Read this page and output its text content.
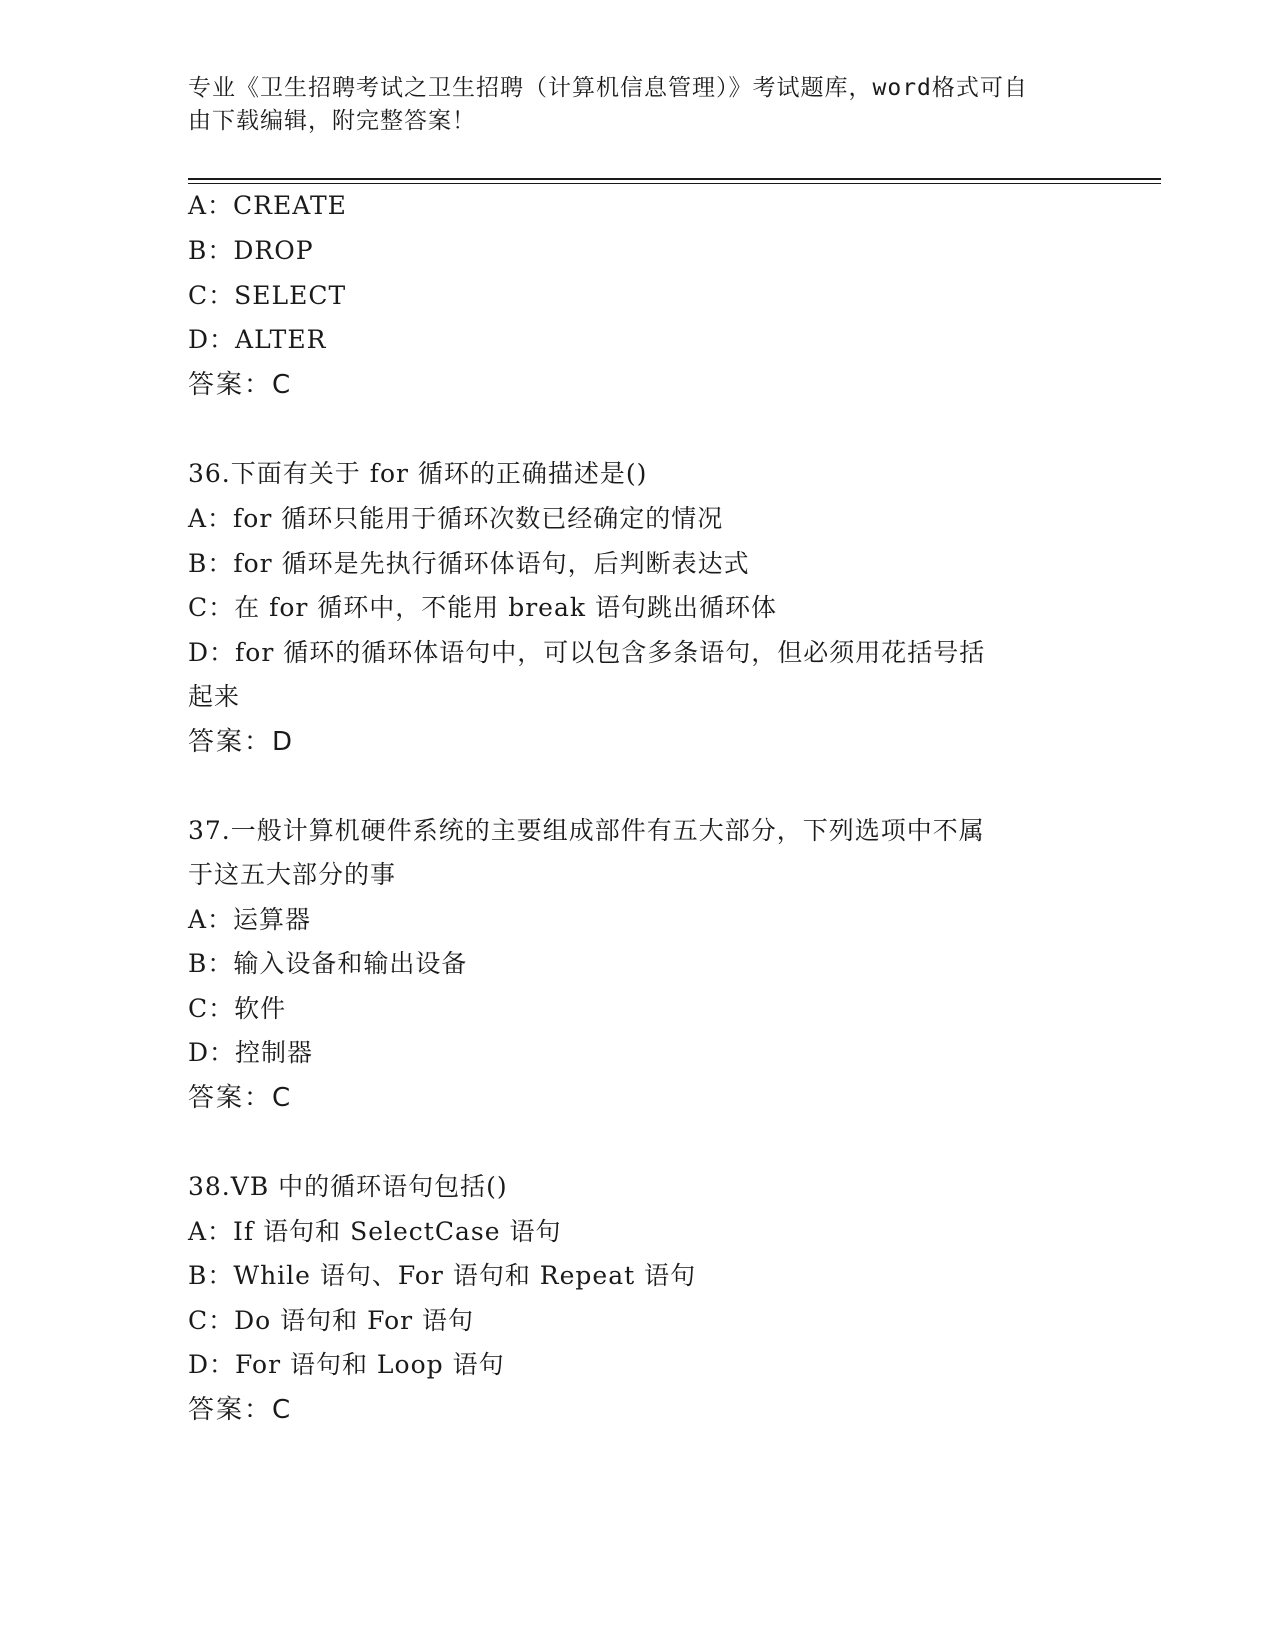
专业《卫生招聘考试之卫生招聘（计算机信息管理）》考试题库，word格式可自
由下载编辑，附完整答案！
A：CREATE
B：DROP
C：SELECT
D：ALTER
答案：C
36.下面有关于 for 循环的正确描述是()
A：for 循环只能用于循环次数已经确定的情况
B：for 循环是先执行循环体语句，后判断表达式
C：在 for 循环中，不能用 break 语句跳出循环体
D：for 循环的循环体语句中，可以包含多条语句，但必须用花括号括
起来
答案：D
37.一般计算机硬件系统的主要组成部件有五大部分，下列选项中不属
于这五大部分的事
A：运算器
B：输入设备和输出设备
C：软件
D：控制器
答案：C
38.VB 中的循环语句包括()
A：If 语句和 SelectCase 语句
B：While 语句、For 语句和 Repeat 语句
C：Do 语句和 For 语句
D：For 语句和 Loop 语句
答案：C
